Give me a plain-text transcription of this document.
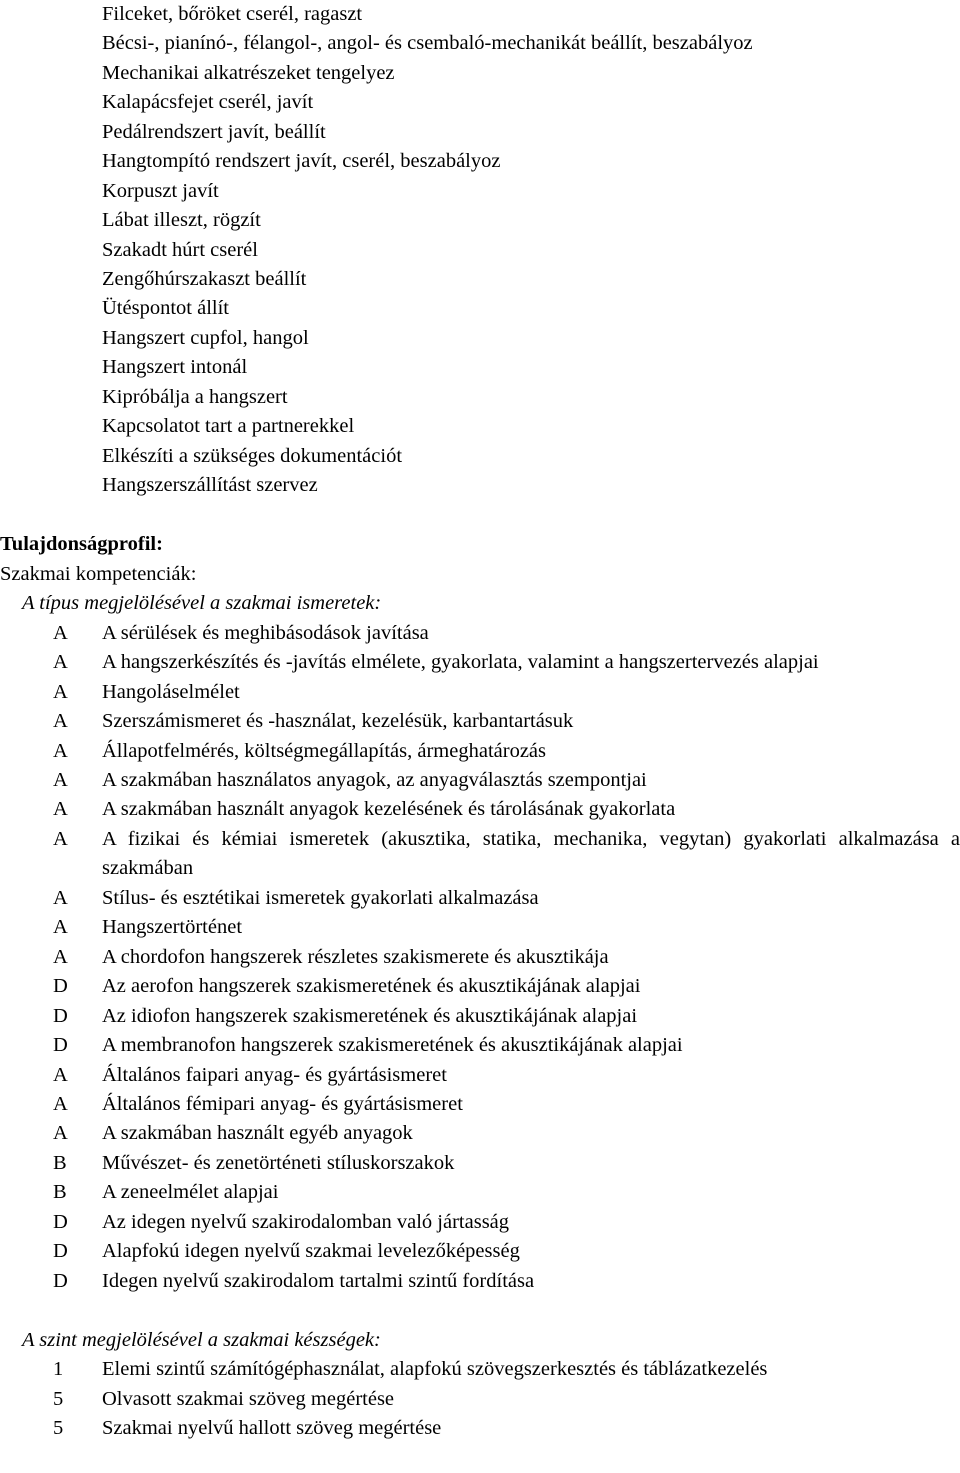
Filceket, bőröket cserél, ragaszt
Bécsi-, pianínó-, félangol-, angol- és csembaló-mechanikát beállít, beszabályoz
Mechanikai alkatrészeket tengelyez
Kalapácsfejet cserél, javít
Pedálrendszert javít, beállít
Hangtompító rendszert javít, cserél, beszabályoz
Korpuszt javít
Lábat illeszt, rögzít
Szakadt húrt cserél
Zengőhúrszakaszt beállít
Ütéspontot állít
Hangszert cupfol, hangol
Hangszert intonál
Kipróbálja a hangszert
Kapcsolatot tart a partnerekkel
Elkészíti a szükséges dokumentációt
Hangszerszállítást szervez
Tulajdonságprofil:
Szakmai kompetenciák:
A típus megjelölésével a szakmai ismeretek:
A	A sérülések és meghibásodások javítása
A	A hangszerkészítés és -javítás elmélete, gyakorlata, valamint a hangszertervezés alapjai
A	Hangoláselmélet
A	Szerszámismeret és -használat, kezelésük, karbantartásuk
A	Állapotfelmérés, költségmegállapítás, ármeghatározás
A	A szakmában használatos anyagok, az anyagválasztás szempontjai
A	A szakmában használt anyagok kezelésének és tárolásának gyakorlata
A	A fizikai és kémiai ismeretek (akusztika, statika, mechanika, vegytan) gyakorlati alkalmazása a szakmában
A	Stílus- és esztétikai ismeretek gyakorlati alkalmazása
A	Hangszertörténet
A	A chordofon hangszerek részletes szakismerete és akusztikája
D	Az aerofon hangszerek szakismeretének és akusztikájának alapjai
D	Az idiofon hangszerek szakismeretének és akusztikájának alapjai
D	A membranofon hangszerek szakismeretének és akusztikájának alapjai
A	Általános faipari anyag- és gyártásismeret
A	Általános fémipari anyag- és gyártásismeret
A	A szakmában használt egyéb anyagok
B	Művészet- és zenetörténeti stíluskorszakok
B	A zeneelmélet alapjai
D	Az idegen nyelvű szakirodalomban való jártasság
D	Alapfokú idegen nyelvű szakmai levelezőképesség
D	Idegen nyelvű szakirodalom tartalmi szintű fordítása
A szint megjelölésével a szakmai készségek:
1	Elemi szintű számítógéphasználat, alapfokú szövegszerkesztés és táblázatkezelés
5	Olvasott szakmai szöveg megértése
5	Szakmai nyelvű hallott szöveg megértése
